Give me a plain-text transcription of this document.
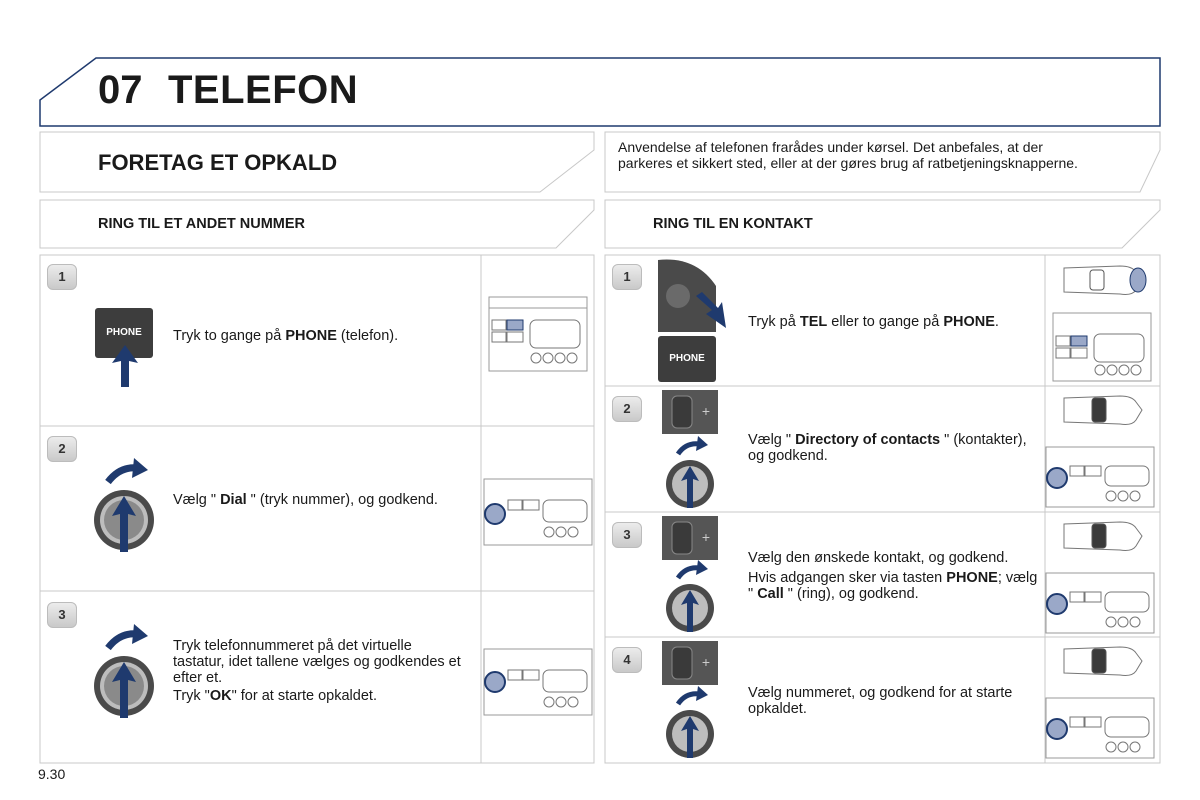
07 TELEFON
FORETAG ET OPKALD
Anvendelse af telefonen frarådes under kørsel. Det anbefales, at der parkeres et sikkert sted, eller at der gøres brug af ratbetjeningsknapperne.
RING TIL ET ANDET NUMMER	RING TIL EN KONTAKT
1
PHONE	Tryk to gange på PHONE (telefon).
2
Vælg " Dial " (tryk nummer), og godkend.
3

Tryk telefonnummeret på det virtuelle tastatur, idet tallene vælges og godkendes et efter et.

Tryk "OK" for at starte opkaldet.

1
PHONE
Tryk på TEL eller to gange på PHONE.
2	+
Vælg " Directory of contacts " (kontakter), og godkend.
3	+

Vælg den ønskede kontakt, og godkend.

Hvis adgangen sker via tasten PHONE; vælg " Call " (ring), og godkend.

4	+
Vælg nummeret, og godkend for at starte opkaldet.
9.30
